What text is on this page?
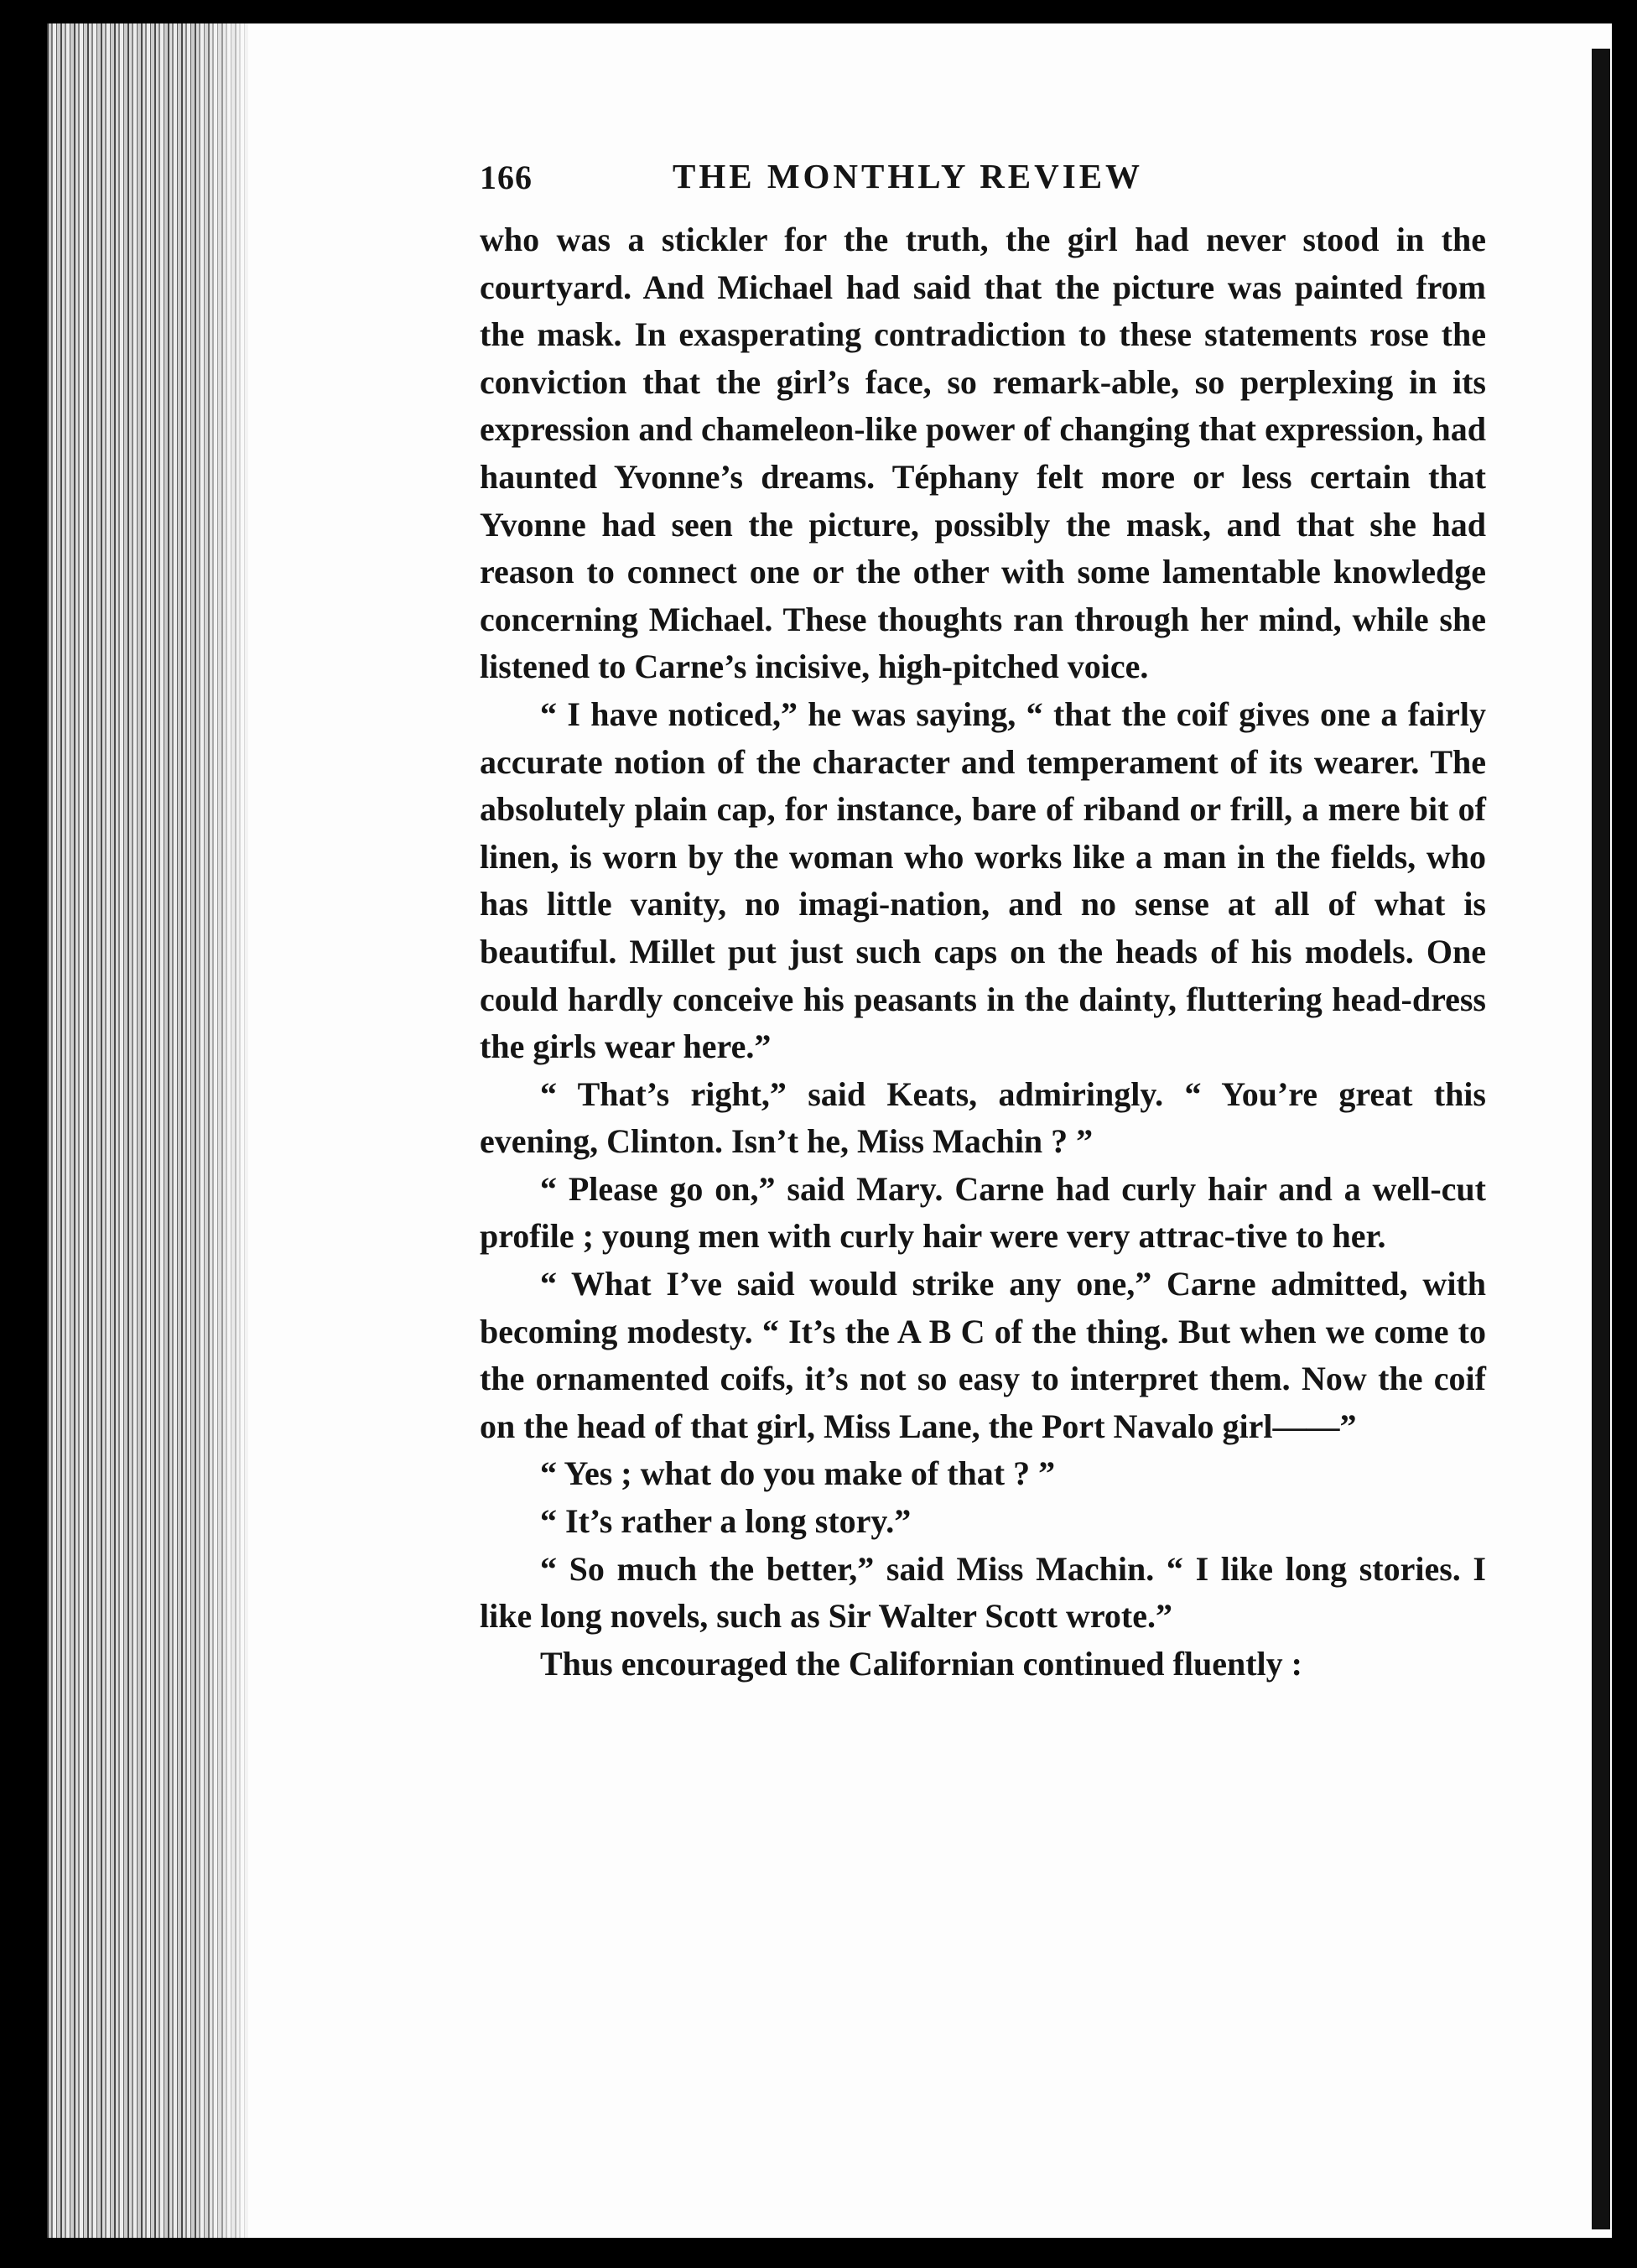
166	THE MONTHLY REVIEW

who was a stickler for the truth, the girl had never stood in the courtyard. And Michael had said that the picture was painted from the mask. In exasperating contradiction to these statements rose the conviction that the girl’s face, so remark-able, so perplexing in its expression and chameleon-like power of changing that expression, had haunted Yvonne’s dreams. Téphany felt more or less certain that Yvonne had seen the picture, possibly the mask, and that she had reason to connect one or the other with some lamentable knowledge concerning Michael. These thoughts ran through her mind, while she listened to Carne’s incisive, high-pitched voice.

“ I have noticed,” he was saying, “ that the coif gives one a fairly accurate notion of the character and temperament of its wearer. The absolutely plain cap, for instance, bare of riband or frill, a mere bit of linen, is worn by the woman who works like a man in the fields, who has little vanity, no imagi-nation, and no sense at all of what is beautiful. Millet put just such caps on the heads of his models. One could hardly conceive his peasants in the dainty, fluttering head-dress the girls wear here.”

“ That’s right,” said Keats, admiringly. “ You’re great this evening, Clinton. Isn’t he, Miss Machin ? ”

“ Please go on,” said Mary. Carne had curly hair and a well-cut profile ; young men with curly hair were very attrac-tive to her.

“ What I’ve said would strike any one,” Carne admitted, with becoming modesty. “ It’s the A B C of the thing. But when we come to the ornamented coifs, it’s not so easy to interpret them. Now the coif on the head of that girl, Miss Lane, the Port Navalo girl——”

“ Yes ; what do you make of that ? ”

“ It’s rather a long story.”

“ So much the better,” said Miss Machin. “ I like long stories. I like long novels, such as Sir Walter Scott wrote.”

Thus encouraged the Californian continued fluently :
